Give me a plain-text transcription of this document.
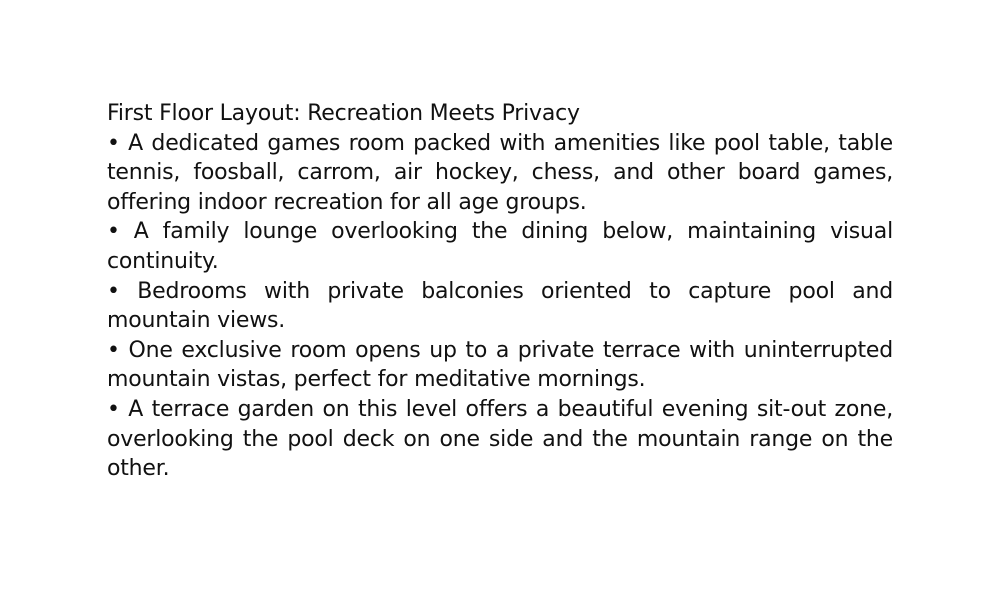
First Floor Layout: Recreation Meets Privacy
• A dedicated games room packed with amenities like pool table, table tennis, foosball, carrom, air hockey, chess, and other board games, offering indoor recreation for all age groups.
• A family lounge overlooking the dining below, maintaining visual continuity.
• Bedrooms with private balconies oriented to capture pool and mountain views.
• One exclusive room opens up to a private terrace with uninterrupted mountain vistas, perfect for meditative mornings.
• A terrace garden on this level offers a beautiful evening sit-out zone, overlooking the pool deck on one side and the mountain range on the other.
